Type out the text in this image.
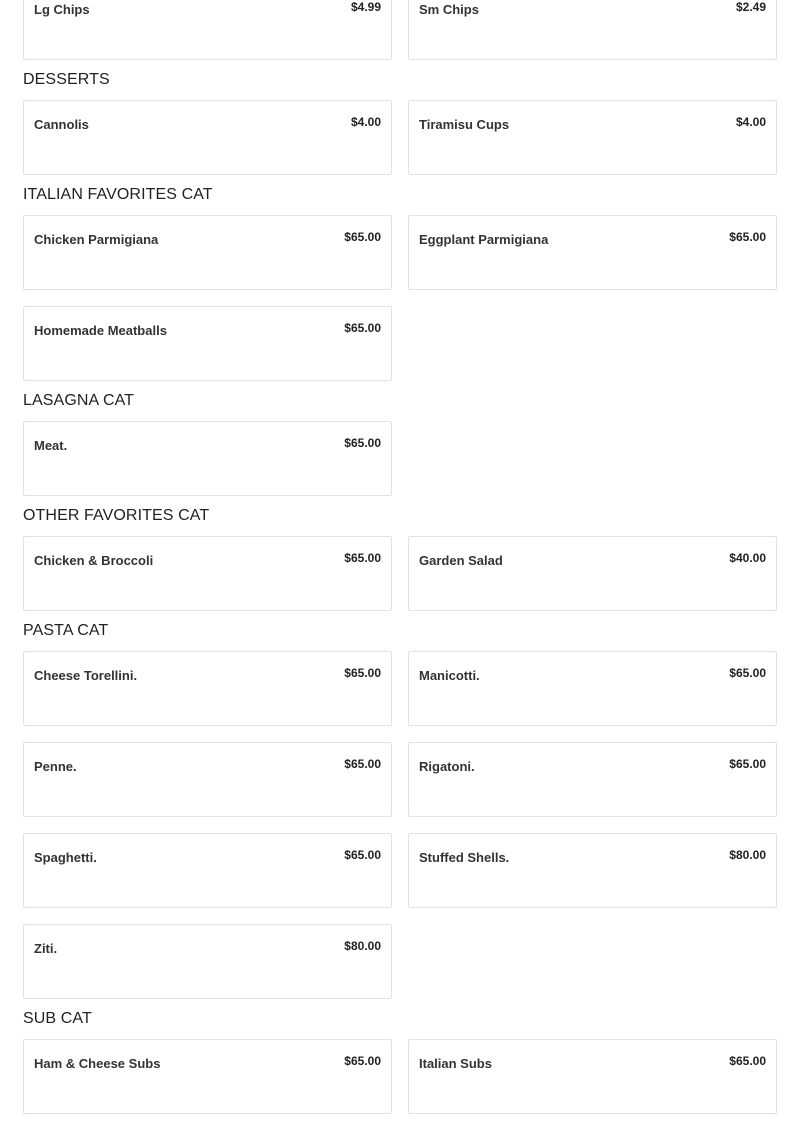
Lg Chips	$4.99	Sm Chips	$2.49
DESSERTS
Cannolis	$4.00	Tiramisu Cups	$4.00
ITALIAN FAVORITES CAT
Chicken Parmigiana	$65.00	Eggplant Parmigiana	$65.00
Homemade Meatballs	$65.00
LASAGNA CAT
Meat.	$65.00
OTHER FAVORITES CAT
Chicken & Broccoli	$65.00	Garden Salad	$40.00
PASTA CAT
Cheese Torellini.	$65.00	Manicotti.	$65.00
Penne.	$65.00	Rigatoni.	$65.00
Spaghetti.	$65.00	Stuffed Shells.	$80.00
Ziti.	$80.00
SUB CAT
Ham & Cheese Subs	$65.00	Italian Subs	$65.00
